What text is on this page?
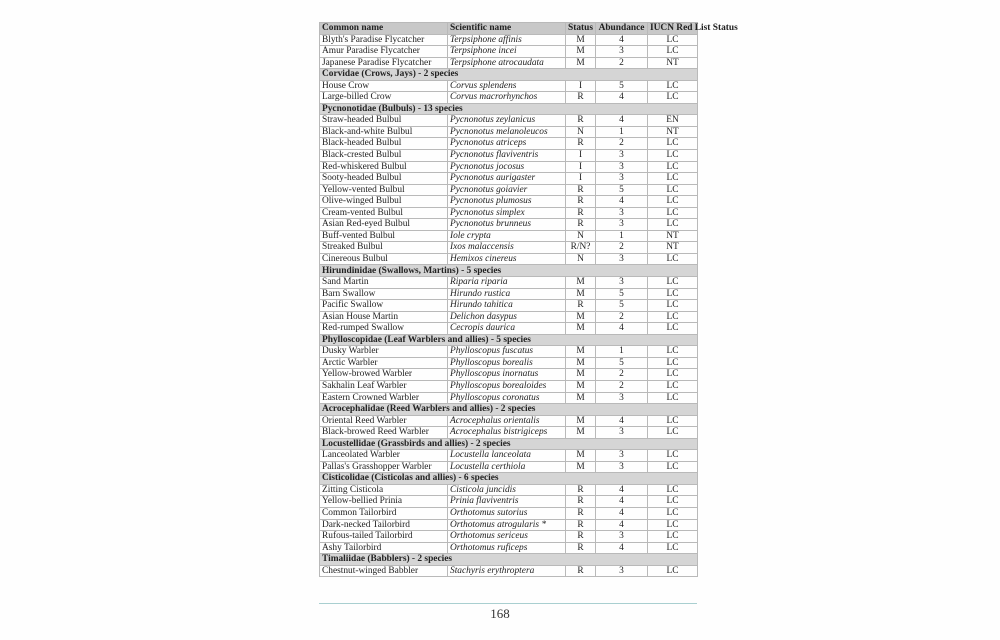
Common name	Scientific name	Status	Abundance	IUCN Red List Status
Blyth's Paradise Flycatcher	Terpsiphone affinis	M	4	LC
Amur Paradise Flycatcher	Terpsiphone incei	M	3	LC
Japanese Paradise Flycatcher	Terpsiphone atrocaudata	M	2	NT
Corvidae (Crows, Jays) - 2 species				
House Crow	Corvus splendens	I	5	LC
Large-billed Crow	Corvus macrorhynchos	R	4	LC
Pycnonotidae (Bulbuls) - 13 species				
Straw-headed Bulbul	Pycnonotus zeylanicus	R	4	EN
Black-and-white Bulbul	Pycnonotus melanoleucos	N	1	NT
Black-headed Bulbul	Pycnonotus atriceps	R	2	LC
Black-crested Bulbul	Pycnonotus flaviventris	I	3	LC
Red-whiskered Bulbul	Pycnonotus jocosus	I	3	LC
Sooty-headed Bulbul	Pycnonotus aurigaster	I	3	LC
Yellow-vented Bulbul	Pycnonotus goiavier	R	5	LC
Olive-winged Bulbul	Pycnonotus plumosus	R	4	LC
Cream-vented Bulbul	Pycnonotus simplex	R	3	LC
Asian Red-eyed Bulbul	Pycnonotus brunneus	R	3	LC
Buff-vented Bulbul	Iole crypta	N	1	NT
Streaked Bulbul	Ixos malaccensis	R/N?	2	NT
Cinereous Bulbul	Hemixos cinereus	N	3	LC
Hirundinidae (Swallows, Martins) - 5 species				
Sand Martin	Riparia riparia	M	3	LC
Barn Swallow	Hirundo rustica	M	5	LC
Pacific Swallow	Hirundo tahitica	R	5	LC
Asian House Martin	Delichon dasypus	M	2	LC
Red-rumped Swallow	Cecropis daurica	M	4	LC
Phylloscopidae (Leaf Warblers and allies) - 5 species				
Dusky Warbler	Phylloscopus fuscatus	M	1	LC
Arctic Warbler	Phylloscopus borealis	M	5	LC
Yellow-browed Warbler	Phylloscopus inornatus	M	2	LC
Sakhalin Leaf Warbler	Phylloscopus borealoides	M	2	LC
Eastern Crowned Warbler	Phylloscopus coronatus	M	3	LC
Acrocephalidae (Reed Warblers and allies) - 2 species				
Oriental Reed Warbler	Acrocephalus orientalis	M	4	LC
Black-browed Reed Warbler	Acrocephalus bistrigiceps	M	3	LC
Locustellidae (Grassbirds and allies) - 2 species				
Lanceolated Warbler	Locustella lanceolata	M	3	LC
Pallas's Grasshopper Warbler	Locustella certhiola	M	3	LC
Cisticolidae (Cisticolas and allies) - 6 species				
Zitting Cisticola	Cisticola juncidis	R	4	LC
Yellow-bellied Prinia	Prinia flaviventris	R	4	LC
Common Tailorbird	Orthotomus sutorius	R	4	LC
Dark-necked Tailorbird	Orthotomus atrogularis *	R	4	LC
Rufous-tailed Tailorbird	Orthotomus sericeus	R	3	LC
Ashy Tailorbird	Orthotomus ruficeps	R	4	LC
Timaliidae (Babblers) - 2 species				
Chestnut-winged Babbler	Stachyris erythroptera	R	3	LC
168
